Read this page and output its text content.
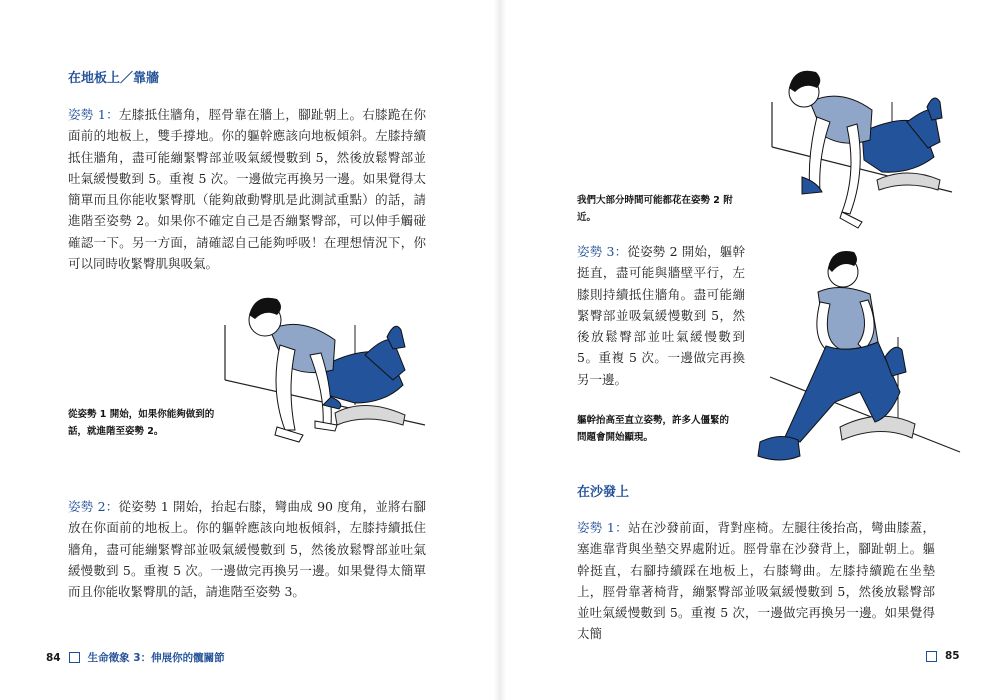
在地板上／靠牆
姿勢 1：左膝抵住牆角，脛骨靠在牆上，腳趾朝上。右膝跪在你面前的地板上，雙手撐地。你的軀幹應該向地板傾斜。左膝持續抵住牆角，盡可能繃緊臀部並吸氣緩慢數到 5，然後放鬆臀部並吐氣緩慢數到 5。重複 5 次。一邊做完再換另一邊。如果覺得太簡單而且你能收緊臀肌（能夠啟動臀肌是此測試重點）的話，請進階至姿勢 2。如果你不確定自己是否繃緊臀部，可以伸手觸碰確認一下。另一方面，請確認自己能夠呼吸！在理想情況下，你可以同時收緊臀肌與吸氣。
從姿勢 1 開始，如果你能夠做到的話，就進階至姿勢 2。
姿勢 2：從姿勢 1 開始，抬起右膝，彎曲成 90 度角，並將右腳放在你面前的地板上。你的軀幹應該向地板傾斜，左膝持續抵住牆角，盡可能繃緊臀部並吸氣緩慢數到 5，然後放鬆臀部並吐氣緩慢數到 5。重複 5 次。一邊做完再換另一邊。如果覺得太簡單而且你能收緊臀肌的話，請進階至姿勢 3。
84	生命徵象 3：伸展你的髖關節
我們大部分時間可能都花在姿勢 2 附近。
姿勢 3：從姿勢 2 開始，軀幹挺直，盡可能與牆壁平行，左膝則持續抵住牆角。盡可能繃緊臀部並吸氣緩慢數到 5，然後放鬆臀部並吐氣緩慢數到 5。重複 5 次。一邊做完再換另一邊。
軀幹抬高至直立姿勢，許多人僵緊的問題會開始顯現。
在沙發上
姿勢 1：站在沙發前面，背對座椅。左腿往後抬高，彎曲膝蓋，塞進靠背與坐墊交界處附近。脛骨靠在沙發背上，腳趾朝上。軀幹挺直，右腳持續踩在地板上，右膝彎曲。左膝持續跪在坐墊上，脛骨靠著椅背，繃緊臀部並吸氣緩慢數到 5，然後放鬆臀部並吐氣緩慢數到 5。重複 5 次，一邊做完再換另一邊。如果覺得太簡
85
